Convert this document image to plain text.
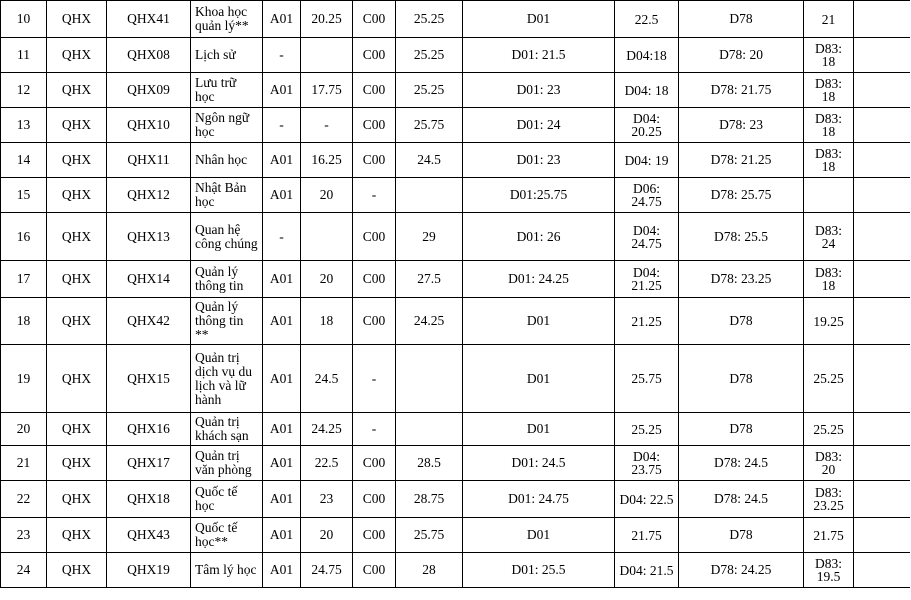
10	QHX	QHX41	Khoa học quản lý**	A01	20.25	C00	25.25	D01	22.5	D78	21	
11	QHX	QHX08	Lịch sử	-		C00	25.25	D01: 21.5	D04:18	D78: 20	D83: 18	
12	QHX	QHX09	Lưu trữ học	A01	17.75	C00	25.25	D01: 23	D04: 18	D78: 21.75	D83: 18	
13	QHX	QHX10	Ngôn ngữ học	-	-	C00	25.75	D01: 24	D04: 20.25	D78: 23	D83: 18	
14	QHX	QHX11	Nhân học	A01	16.25	C00	24.5	D01: 23	D04: 19	D78: 21.25	D83: 18	
15	QHX	QHX12	Nhật Bản học	A01	20	-		D01:25.75	D06: 24.75	D78: 25.75		
16	QHX	QHX13	Quan hệ công chúng	-		C00	29	D01: 26	D04: 24.75	D78: 25.5	D83: 24	
17	QHX	QHX14	Quản lý thông tin	A01	20	C00	27.5	D01: 24.25	D04: 21.25	D78: 23.25	D83: 18	
18	QHX	QHX42	Quản lý thông tin **	A01	18	C00	24.25	D01	21.25	D78	19.25	
19	QHX	QHX15	Quản trị dịch vụ du lịch và lữ hành	A01	24.5	-		D01	25.75	D78	25.25	
20	QHX	QHX16	Quản trị khách sạn	A01	24.25	-		D01	25.25	D78	25.25	
21	QHX	QHX17	Quản trị văn phòng	A01	22.5	C00	28.5	D01: 24.5	D04: 23.75	D78: 24.5	D83: 20	
22	QHX	QHX18	Quốc tế học	A01	23	C00	28.75	D01: 24.75	D04: 22.5	D78: 24.5	D83: 23.25	
23	QHX	QHX43	Quốc tế học**	A01	20	C00	25.75	D01	21.75	D78	21.75	
24	QHX	QHX19	Tâm lý học	A01	24.75	C00	28	D01: 25.5	D04: 21.5	D78: 24.25	D83: 19.5	
